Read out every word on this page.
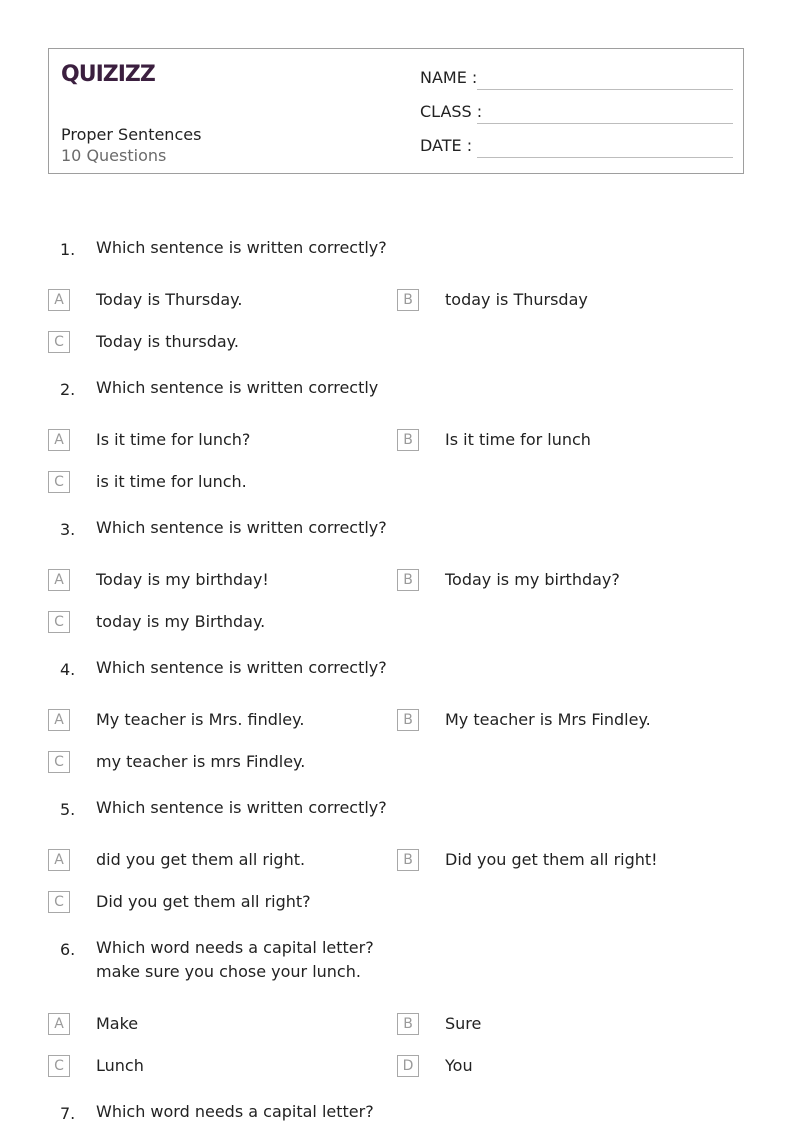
QUIZIZZ
Proper Sentences
10 Questions
NAME :
CLASS :
DATE :
1. Which sentence is written correctly?
A	Today is Thursday.	B	today is Thursday
C	Today is thursday.
2. Which sentence is written correctly
A	Is it time for lunch?	B	Is it time for lunch
C	is it time for lunch.
3. Which sentence is written correctly?
A	Today is my birthday!	B	Today is my birthday?
C	today is my Birthday.
4. Which sentence is written correctly?
A	My teacher is Mrs. findley.	B	My teacher is Mrs Findley.
C	my teacher is mrs Findley.
5. Which sentence is written correctly?
A	did you get them all right.	B	Did you get them all right!
C	Did you get them all right?
6. Which word needs a capital letter?
make sure you chose your lunch.
A	Make	B	Sure
C	Lunch	D	You
7. Which word needs a capital letter?
